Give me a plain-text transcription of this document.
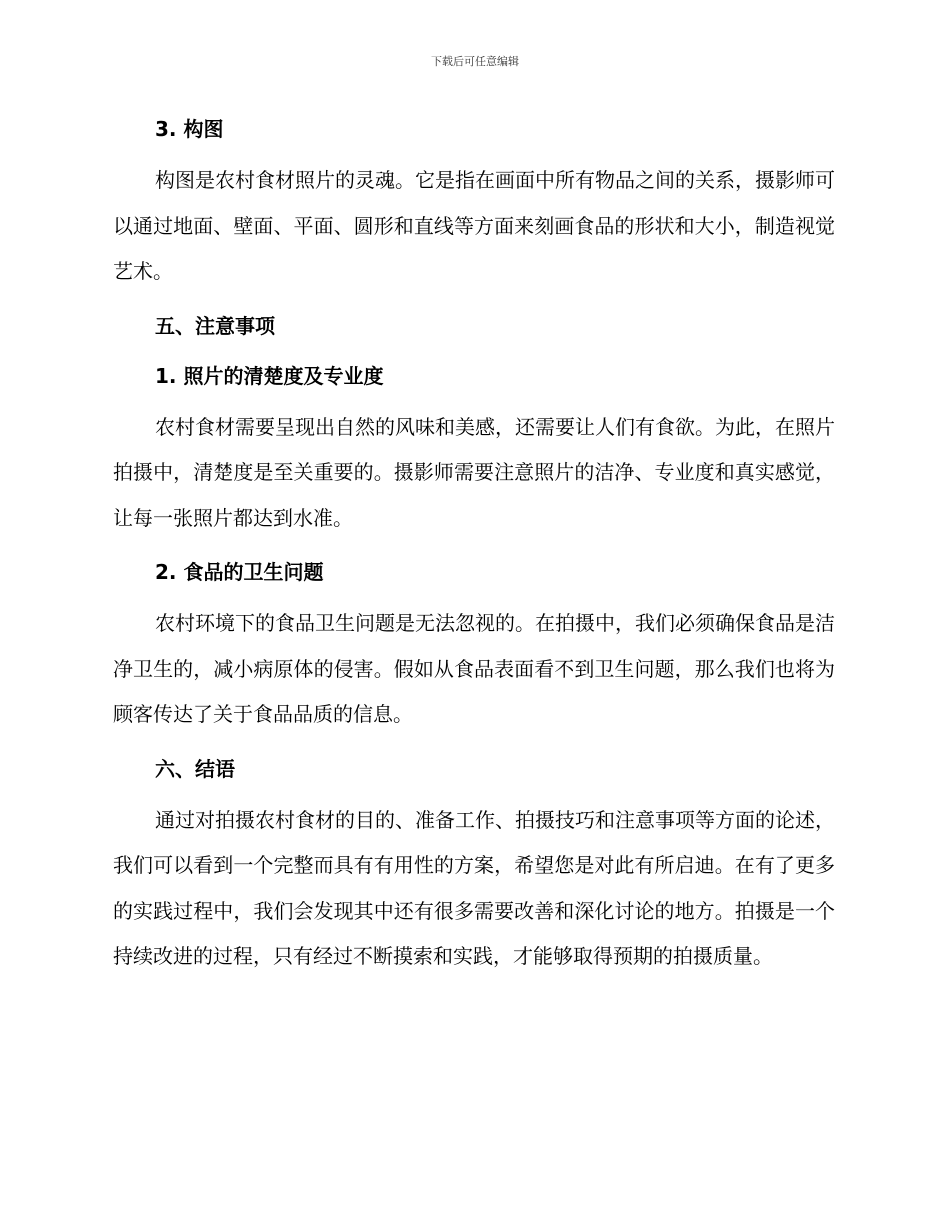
下载后可任意编辑
3. 构图

构图是农村食材照片的灵魂。它是指在画面中所有物品之间的关系，摄影师可以通过地面、壁面、平面、圆形和直线等方面来刻画食品的形状和大小，制造视觉艺术。

五、注意事项
1. 照片的清楚度及专业度

农村食材需要呈现出自然的风味和美感，还需要让人们有食欲。为此，在照片拍摄中，清楚度是至关重要的。摄影师需要注意照片的洁净、专业度和真实感觉，让每一张照片都达到水准。

2. 食品的卫生问题

农村环境下的食品卫生问题是无法忽视的。在拍摄中，我们必须确保食品是洁净卫生的，减小病原体的侵害。假如从食品表面看不到卫生问题，那么我们也将为顾客传达了关于食品品质的信息。

六、结语

通过对拍摄农村食材的目的、准备工作、拍摄技巧和注意事项等方面的论述，我们可以看到一个完整而具有有用性的方案，希望您是对此有所启迪。在有了更多的实践过程中，我们会发现其中还有很多需要改善和深化讨论的地方。拍摄是一个持续改进的过程，只有经过不断摸索和实践，才能够取得预期的拍摄质量。
